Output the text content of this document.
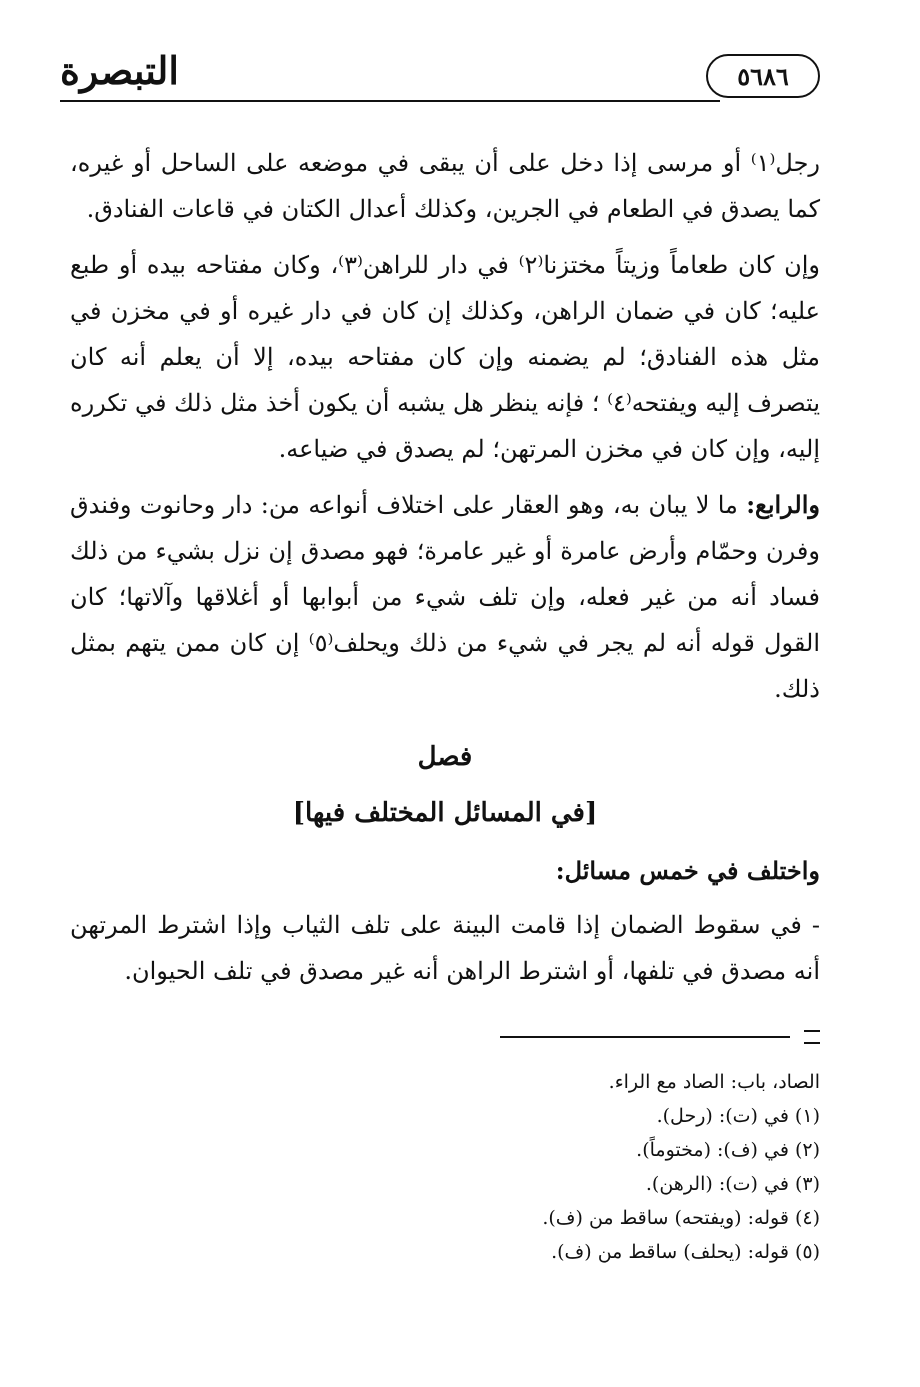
التبصرة	٥٦٨٦

رجل⁽١⁾ أو مرسى إذا دخل على أن يبقى في موضعه على الساحل أو غيره، كما يصدق في الطعام في الجرين، وكذلك أعدال الكتان في قاعات الفنادق.

وإن كان طعاماً وزيتاً مختزنا⁽٢⁾ في دار للراهن⁽٣⁾، وكان مفتاحه بيده أو طبع عليه؛ كان في ضمان الراهن، وكذلك إن كان في دار غيره أو في مخزن في مثل هذه الفنادق؛ لم يضمنه وإن كان مفتاحه بيده، إلا أن يعلم أنه كان يتصرف إليه ويفتحه⁽٤⁾ ؛ فإنه ينظر هل يشبه أن يكون أخذ مثل ذلك في تكرره إليه، وإن كان في مخزن المرتهن؛ لم يصدق في ضياعه.

والرابع: ما لا يبان به، وهو العقار على اختلاف أنواعه من: دار وحانوت وفندق وفرن وحمّام وأرض عامرة أو غير عامرة؛ فهو مصدق إن نزل بشيء من ذلك فساد أنه من غير فعله، وإن تلف شيء من أبوابها أو أغلاقها وآلاتها؛ كان القول قوله أنه لم يجر في شيء من ذلك ويحلف⁽٥⁾ إن كان ممن يتهم بمثل ذلك.

فصل
[في المسائل المختلف فيها]

واختلف في خمس مسائل:

- في سقوط الضمان إذا قامت البينة على تلف الثياب وإذا اشترط المرتهن أنه مصدق في تلفها، أو اشترط الراهن أنه غير مصدق في تلف الحيوان.

الصاد، باب: الصاد مع الراء.
(١) في (ت): (رحل).
(٢) في (ف): (مختوماً).
(٣) في (ت): (الرهن).
(٤) قوله: (ويفتحه) ساقط من (ف).
(٥) قوله: (يحلف) ساقط من (ف).
